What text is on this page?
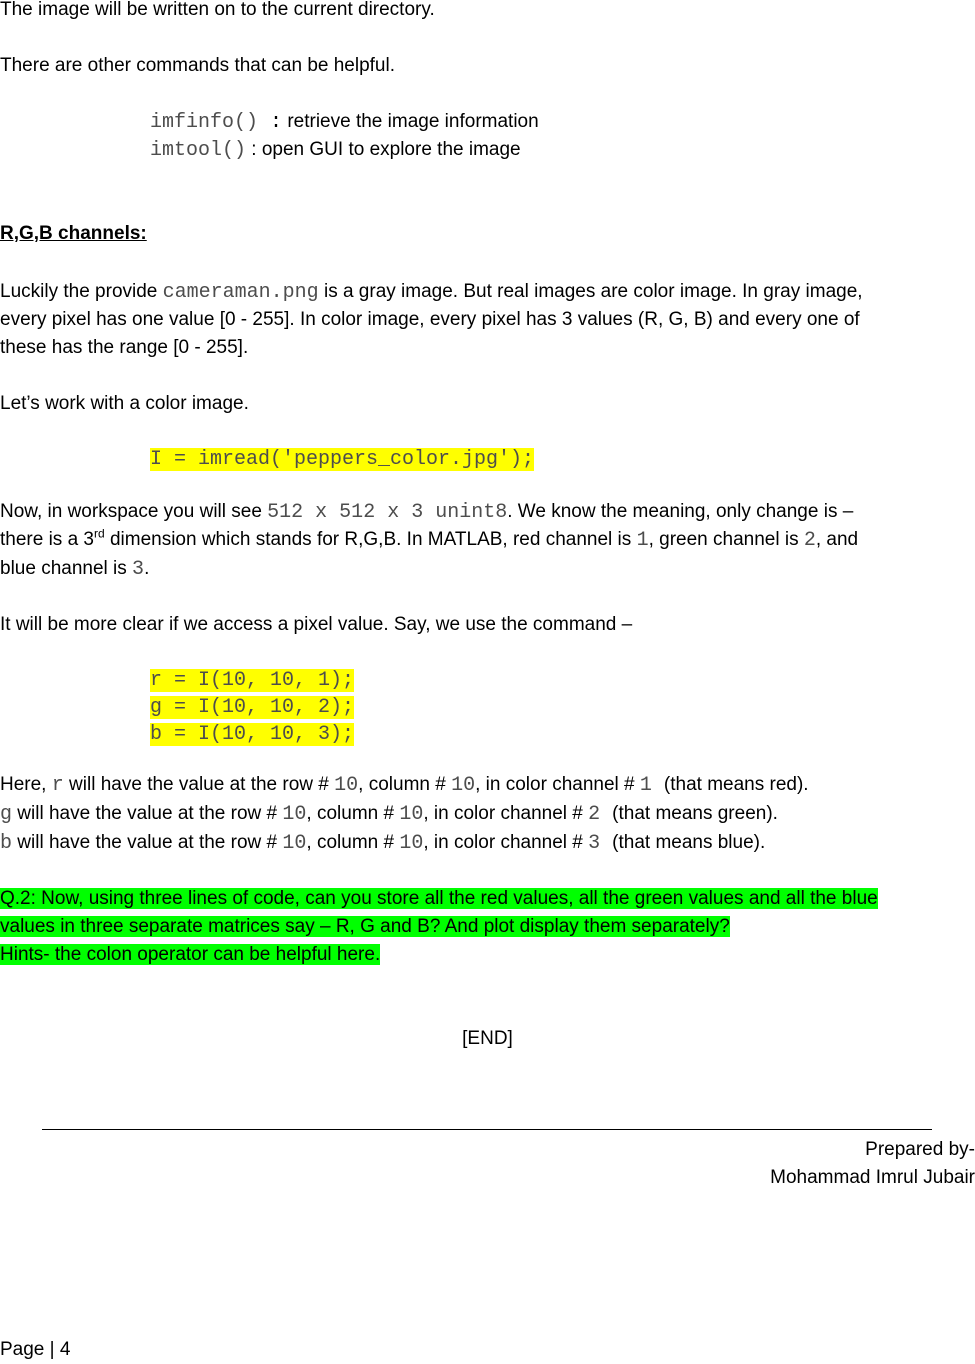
The image will be written on to the current directory.
There are other commands that can be helpful.
imfinfo() : retrieve the image information
imtool() : open GUI to explore the image
R,G,B channels:
Luckily the provide cameraman.png is a gray image. But real images are color image. In gray image,
every pixel has one value [0 - 255]. In color image, every pixel has 3 values (R, G, B) and every one of
these has the range [0 - 255].
Let’s work with a color image.
I = imread('peppers_color.jpg');
Now, in workspace you will see 512 x 512 x 3 unint8. We know the meaning, only change is –
there is a 3rd dimension which stands for R,G,B. In MATLAB, red channel is 1, green channel is 2, and
blue channel is 3.
It will be more clear if we access a pixel value. Say, we use the command –
r = I(10, 10, 1);
g = I(10, 10, 2);
b = I(10, 10, 3);
Here, r will have the value at the row # 10, column # 10, in color channel # 1 (that means red).
g will have the value at the row # 10, column # 10, in color channel # 2 (that means green).
b will have the value at the row # 10, column # 10, in color channel # 3 (that means blue).
Q.2: Now, using three lines of code, can you store all the red values, all the green values and all the blue
values in three separate matrices say – R, G and B? And plot display them separately?
Hints- the colon operator can be helpful here.
[END]
Prepared by-
Mohammad Imrul Jubair
Page | 4
